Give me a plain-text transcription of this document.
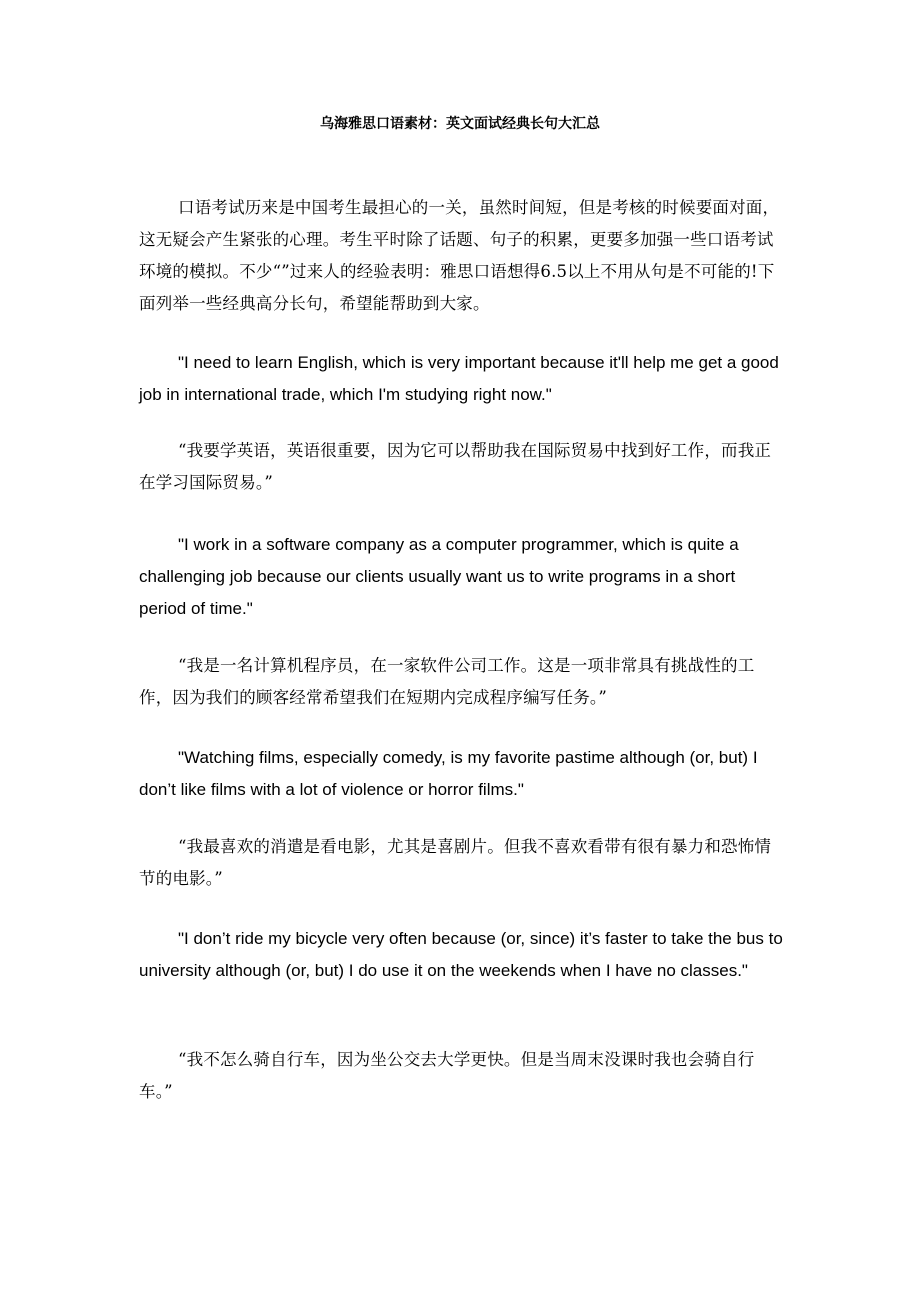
乌海雅思口语素材：英文面试经典长句大汇总

口语考试历来是中国考生最担心的一关，虽然时间短，但是考核的时候要面对面，这无疑会产生紧张的心理。考生平时除了话题、句子的积累，更要多加强一些口语考试环境的模拟。不少“”过来人的经验表明：雅思口语想得6.5以上不用从句是不可能的!下面列举一些经典高分长句，希望能帮助到大家。

"I need to learn English, which is very important because it'll help me get a good job in international trade, which I'm studying right now."

“我要学英语，英语很重要，因为它可以帮助我在国际贸易中找到好工作，而我正在学习国际贸易。”

"I work in a software company as a computer programmer, which is quite a challenging job because our clients usually want us to write programs in a short period of time."

“我是一名计算机程序员，在一家软件公司工作。这是一项非常具有挑战性的工作，因为我们的顾客经常希望我们在短期内完成程序编写任务。”

"Watching films, especially comedy, is my favorite pastime although (or, but) I don’t like films with a lot of violence or horror films."

“我最喜欢的消遣是看电影，尤其是喜剧片。但我不喜欢看带有很有暴力和恐怖情节的电影。”

"I don’t ride my bicycle very often because (or, since) it’s faster to take the bus to university although (or, but) I do use it on the weekends when I have no classes."

“我不怎么骑自行车，因为坐公交去大学更快。但是当周末没课时我也会骑自行车。”
